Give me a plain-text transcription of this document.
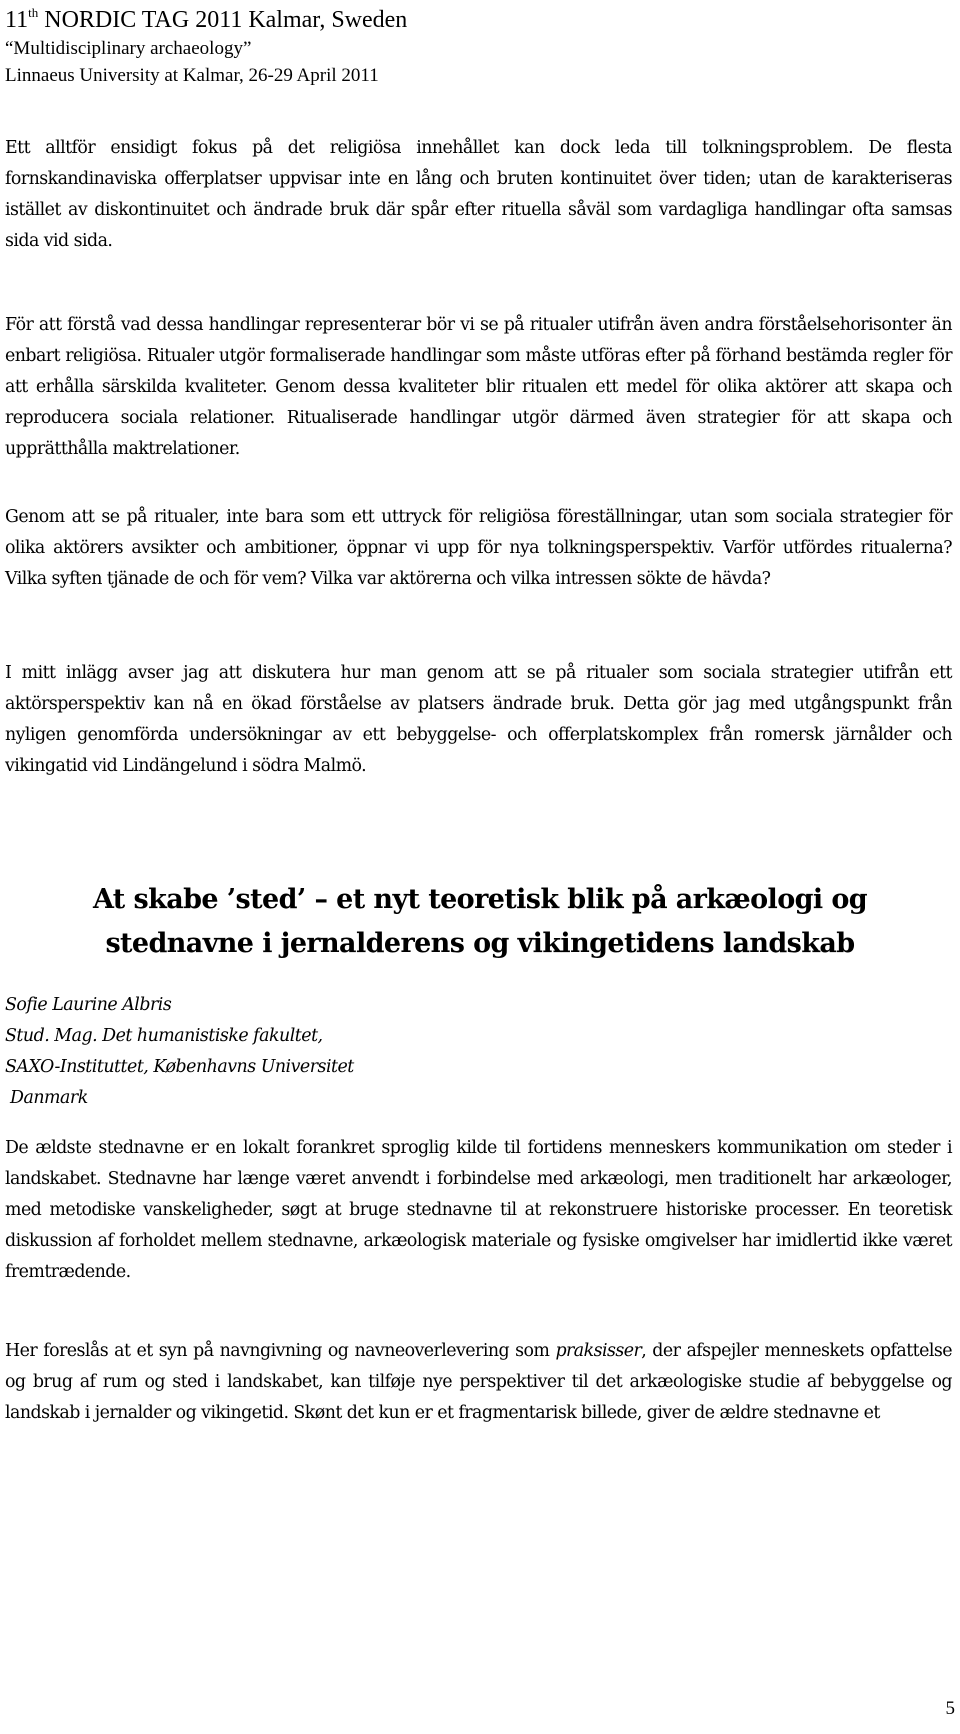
11th NORDIC TAG 2011 Kalmar, Sweden
“Multidisciplinary archaeology”
Linnaeus University at Kalmar, 26-29 April 2011

Ett alltför ensidigt fokus på det religiösa innehållet kan dock leda till tolkningsproblem. De flesta fornskandinaviska offerplatser uppvisar inte en lång och bruten kontinuitet över tiden; utan de karakteriseras istället av diskontinuitet och ändrade bruk där spår efter rituella såväl som vardagliga handlingar ofta samsas sida vid sida.

För att förstå vad dessa handlingar representerar bör vi se på ritualer utifrån även andra förståelsehorisonter än enbart religiösa. Ritualer utgör formaliserade handlingar som måste utföras efter på förhand bestämda regler för att erhålla särskilda kvaliteter. Genom dessa kvaliteter blir ritualen ett medel för olika aktörer att skapa och reproducera sociala relationer. Ritualiserade handlingar utgör därmed även strategier för att skapa och upprätthålla maktrelationer.

Genom att se på ritualer, inte bara som ett uttryck för religiösa föreställningar, utan som sociala strategier för olika aktörers avsikter och ambitioner, öppnar vi upp för nya tolkningsperspektiv. Varför utfördes ritualerna? Vilka syften tjänade de och för vem? Vilka var aktörerna och vilka intressen sökte de hävda?

I mitt inlägg avser jag att diskutera hur man genom att se på ritualer som sociala strategier utifrån ett aktörsperspektiv kan nå en ökad förståelse av platsers ändrade bruk. Detta gör jag med utgångspunkt från nyligen genomförda undersökningar av ett bebyggelse- och offerplatskomplex från romersk järnålder och vikingatid vid Lindängelund i södra Malmö.

At skabe ’sted’ – et nyt teoretisk blik på arkæologi og
stednavne i jernalderens og vikingetidens landskab
Sofie Laurine Albris
Stud. Mag. Det humanistiske fakultet,
SAXO-Instituttet, Københavns Universitet
Danmark

De ældste stednavne er en lokalt forankret sproglig kilde til fortidens menneskers kommunikation om steder i landskabet. Stednavne har længe været anvendt i forbindelse med arkæologi, men traditionelt har arkæologer, med metodiske vanskeligheder, søgt at bruge stednavne til at rekonstruere historiske processer. En teoretisk diskussion af forholdet mellem stednavne, arkæologisk materiale og fysiske omgivelser har imidlertid ikke været fremtrædende.

Her foreslås at et syn på navngivning og navneoverlevering som praksisser, der afspejler menneskets opfattelse og brug af rum og sted i landskabet, kan tilføje nye perspektiver til det arkæologiske studie af bebyggelse og landskab i jernalder og vikingetid. Skønt det kun er et fragmentarisk billede, giver de ældre stednavne et

5
